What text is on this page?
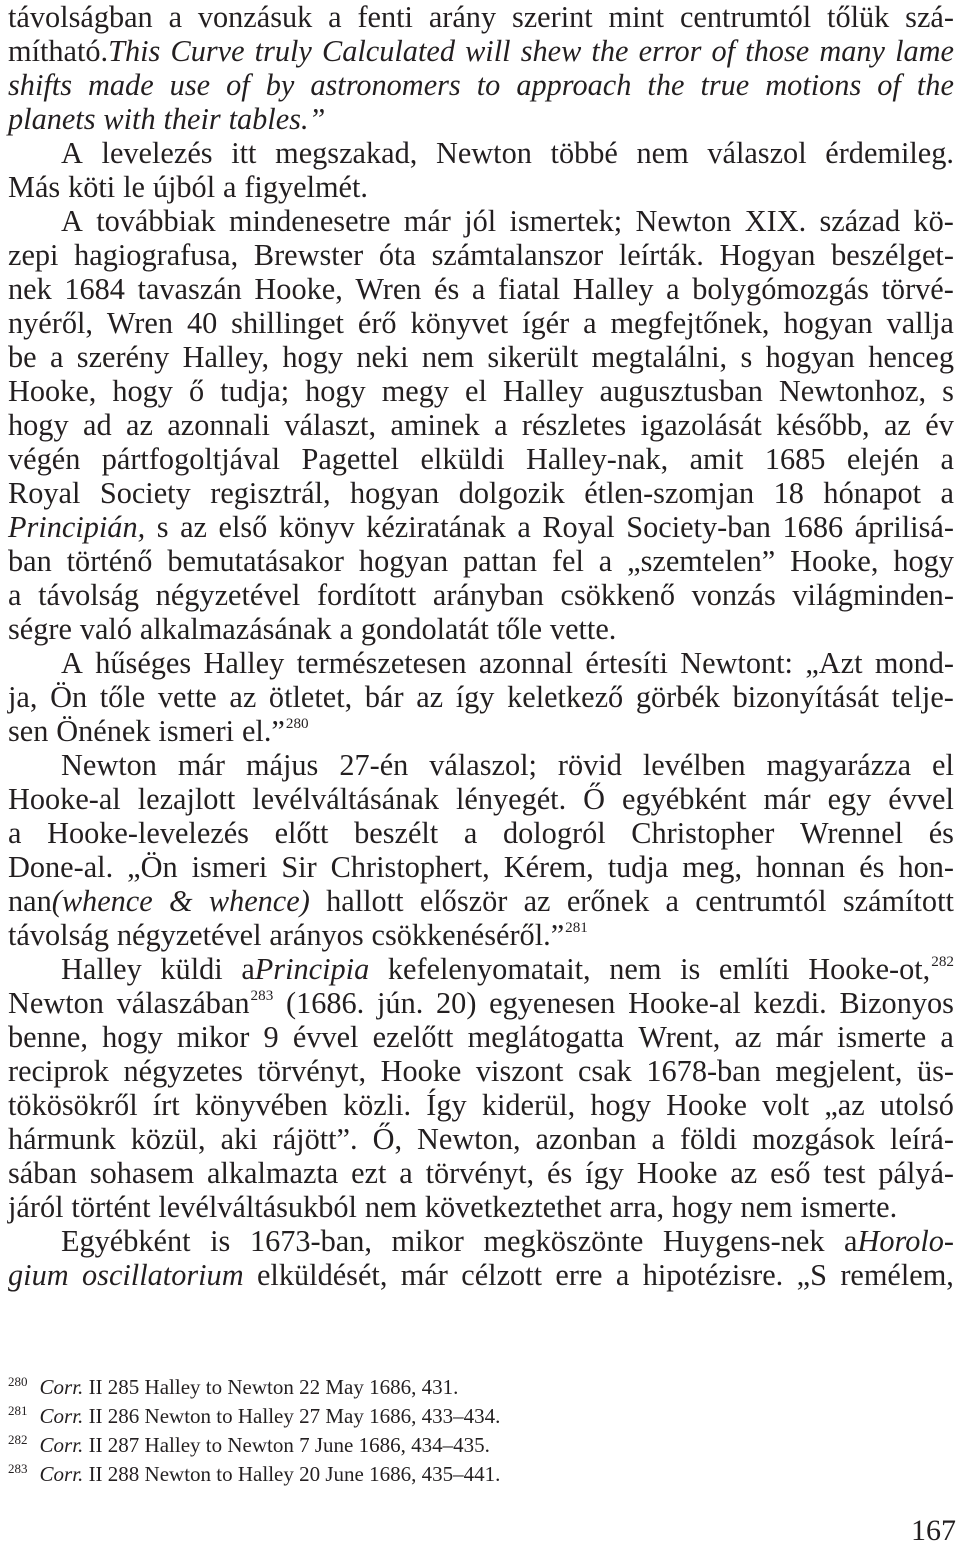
távolságban a vonzásuk a fenti arány szerint mint centrumtól tőlük szá-
mítható.This Curve truly Calculated will shew the error of those many lame
shifts made use of by astronomers to approach the true motions of the
planets with their tables.”
A levelezés itt megszakad, Newton többé nem válaszol érdemileg.
Más köti le újból a figyelmét.
A továbbiak mindenesetre már jól ismertek; Newton XIX. század kö-
zepi hagiografusa, Brewster óta számtalanszor leírták. Hogyan beszélget-
nek 1684 tavaszán Hooke, Wren és a fiatal Halley a bolygómozgás törvé-
nyéről, Wren 40 shillinget érő könyvet ígér a megfejtőnek, hogyan vallja
be a szerény Halley, hogy neki nem sikerült megtalálni, s hogyan henceg
Hooke, hogy ő tudja; hogy megy el Halley augusztusban Newtonhoz, s
hogy ad az azonnali választ, aminek a részletes igazolását később, az év
végén pártfogoltjával Pagettel elküldi Halley-nak, amit 1685 elején a
Royal Society regisztrál, hogyan dolgozik étlen-szomjan 18 hónapot a
Principián, s az első könyv kéziratának a Royal Society-ban 1686 áprilisá-
ban történő bemutatásakor hogyan pattan fel a „szemtelen” Hooke, hogy
a távolság négyzetével fordított arányban csökkenő vonzás világminden-
ségre való alkalmazásának a gondolatát tőle vette.
A hűséges Halley természetesen azonnal értesíti Newtont: „Azt mond-
ja, Ön tőle vette az ötletet, bár az így keletkező görbék bizonyítását telje-
sen Önének ismeri el.”$^{280}$
Newton már május 27-én válaszol; rövid levélben magyarázza el
Hooke-al lezajlott levélváltásának lényegét. Ő egyébként már egy évvel
a Hooke-levelezés előtt beszélt a dologról Christopher Wrennel és
Done-al. „Ön ismeri Sir Christophert, Kérem, tudja meg, honnan és hon-
nan(whence & whence) hallott először az erőnek a centrumtól számított
távolság négyzetével arányos csökkenéséről.”$^{281}$
Halley küldi aPrincipia kefelenyomatait, nem is említi Hooke-ot,$^{282}$
Newton válaszában$^{283}$ (1686. jún. 20) egyenesen Hooke-al kezdi. Bizonyos
benne, hogy mikor 9 évvel ezelőtt meglátogatta Wrent, az már ismerte a
reciprok négyzetes törvényt, Hooke viszont csak 1678-ban megjelent, üs-
tökösökről írt könyvében közli. Így kiderül, hogy Hooke volt „az utolsó
hármunk közül, aki rájött”. Ő, Newton, azonban a földi mozgások leírá-
sában sohasem alkalmazta ezt a törvényt, és így Hooke az eső test pályá-
járól történt levélváltásukból nem következtethet arra, hogy nem ismerte.
Egyébként is 1673-ban, mikor megköszönte Huygens-nek aHorolo-
gium oscillatorium elküldését, már célzott erre a hipotézisre. „S remélem,
$^{280}$ Corr. II 285 Halley to Newton 22 May 1686, 431.
$^{281}$ Corr. II 286 Newton to Halley 27 May 1686, 433–434.
$^{282}$ Corr. II 287 Halley to Newton 7 June 1686, 434–435.
$^{283}$ Corr. II 288 Newton to Halley 20 June 1686, 435–441.
167
